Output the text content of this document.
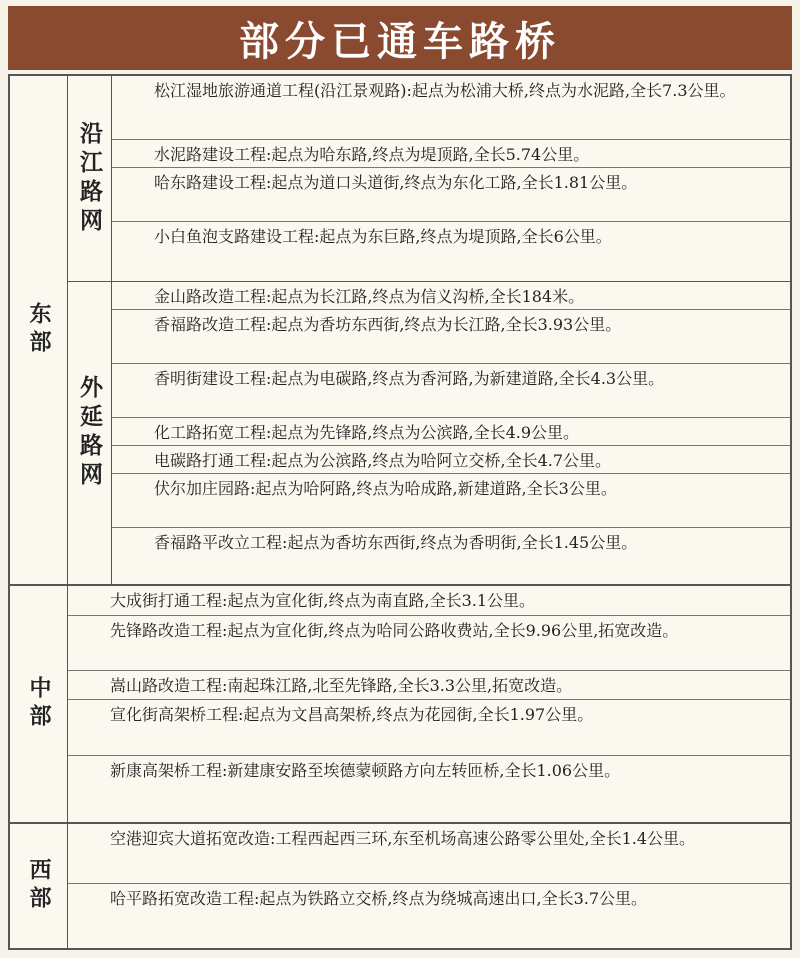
部分已通车路桥
东部
沿江路网
松江湿地旅游通道工程(沿江景观路):起点为松浦大桥,终点为水泥路,全长7.3公里。
水泥路建设工程:起点为哈东路,终点为堤顶路,全长5.74公里。
哈东路建设工程:起点为道口头道街,终点为东化工路,全长1.81公里。
小白鱼泡支路建设工程:起点为东巨路,终点为堤顶路,全长6公里。
外延路网
金山路改造工程:起点为长江路,终点为信义沟桥,全长184米。
香福路改造工程:起点为香坊东西街,终点为长江路,全长3.93公里。
香明街建设工程:起点为电碳路,终点为香河路,为新建道路,全长4.3公里。
化工路拓宽工程:起点为先锋路,终点为公滨路,全长4.9公里。
电碳路打通工程:起点为公滨路,终点为哈阿立交桥,全长4.7公里。
伏尔加庄园路:起点为哈阿路,终点为哈成路,新建道路,全长3公里。
香福路平改立工程:起点为香坊东西街,终点为香明街,全长1.45公里。
中部
大成街打通工程:起点为宣化街,终点为南直路,全长3.1公里。
先锋路改造工程:起点为宣化街,终点为哈同公路收费站,全长9.96公里,拓宽改造。
嵩山路改造工程:南起珠江路,北至先锋路,全长3.3公里,拓宽改造。
宣化街高架桥工程:起点为文昌高架桥,终点为花园街,全长1.97公里。
新康高架桥工程:新建康安路至埃德蒙顿路方向左转匝桥,全长1.06公里。
西部
空港迎宾大道拓宽改造:工程西起西三环,东至机场高速公路零公里处,全长1.4公里。
哈平路拓宽改造工程:起点为铁路立交桥,终点为绕城高速出口,全长3.7公里。
